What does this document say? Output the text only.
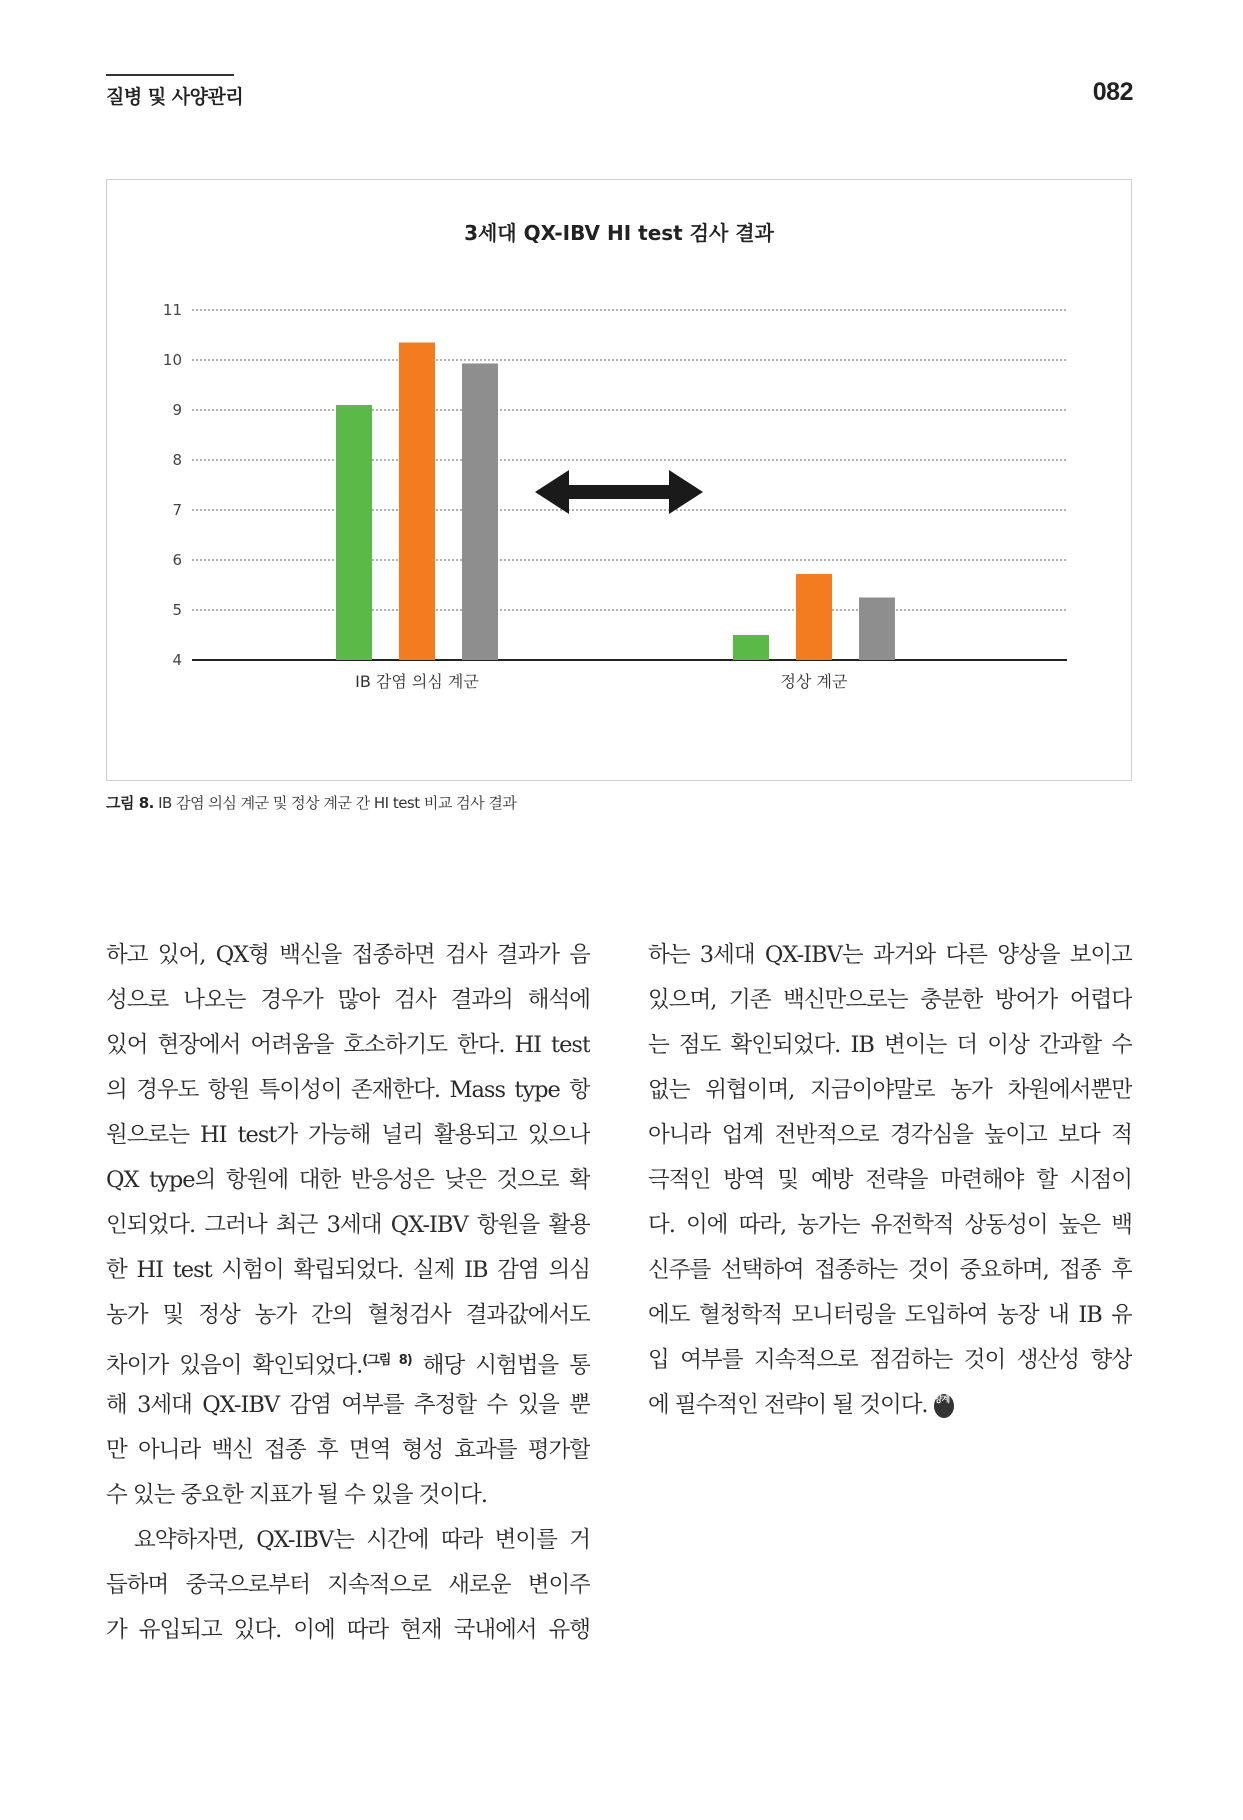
질병 및 사양관리	082
3세대 QX-IBV HI test 검사 결과
4
5
6
7
8
9
10
11
IB 감염 의심 계군	정상 계군
그림 8. IB 감염 의심 계군 및 정상 계군 간 HI test 비교 검사 결과
하고 있어, QX형 백신을 접종하면 검사 결과가 음
성으로 나오는 경우가 많아 검사 결과의 해석에
있어 현장에서 어려움을 호소하기도 한다. HI test
의 경우도 항원 특이성이 존재한다. Mass type 항
원으로는 HI test가 가능해 널리 활용되고 있으나
QX type의 항원에 대한 반응성은 낮은 것으로 확
인되었다. 그러나 최근 3세대 QX-IBV 항원을 활용
한 HI test 시험이 확립되었다. 실제 IB 감염 의심
농가 및 정상 농가 간의 혈청검사 결과값에서도
차이가 있음이 확인되었다.$^{(그림 8)}$ 해당 시험법을 통
해 3세대 QX-IBV 감염 여부를 추정할 수 있을 뿐
만 아니라 백신 접종 후 면역 형성 효과를 평가할
수 있는 중요한 지표가 될 수 있을 것이다.
요약하자면, QX-IBV는 시간에 따라 변이를 거
듭하며 중국으로부터 지속적으로 새로운 변이주
가 유입되고 있다. 이에 따라 현재 국내에서 유행
하는 3세대 QX-IBV는 과거와 다른 양상을 보이고
있으며, 기존 백신만으로는 충분한 방어가 어렵다
는 점도 확인되었다. IB 변이는 더 이상 간과할 수
없는 위협이며, 지금이야말로 농가 차원에서뿐만
아니라 업계 전반적으로 경각심을 높이고 보다 적
극적인 방역 및 예방 전략을 마련해야 할 시점이
다. 이에 따라, 농가는 유전학적 상동성이 높은 백
신주를 선택하여 접종하는 것이 중요하며, 접종 후
에도 혈청학적 모니터링을 도입하여 농장 내 IB 유
입 여부를 지속적으로 점검하는 것이 생산성 향상
에 필수적인 전략이 될 것이다. 양계
